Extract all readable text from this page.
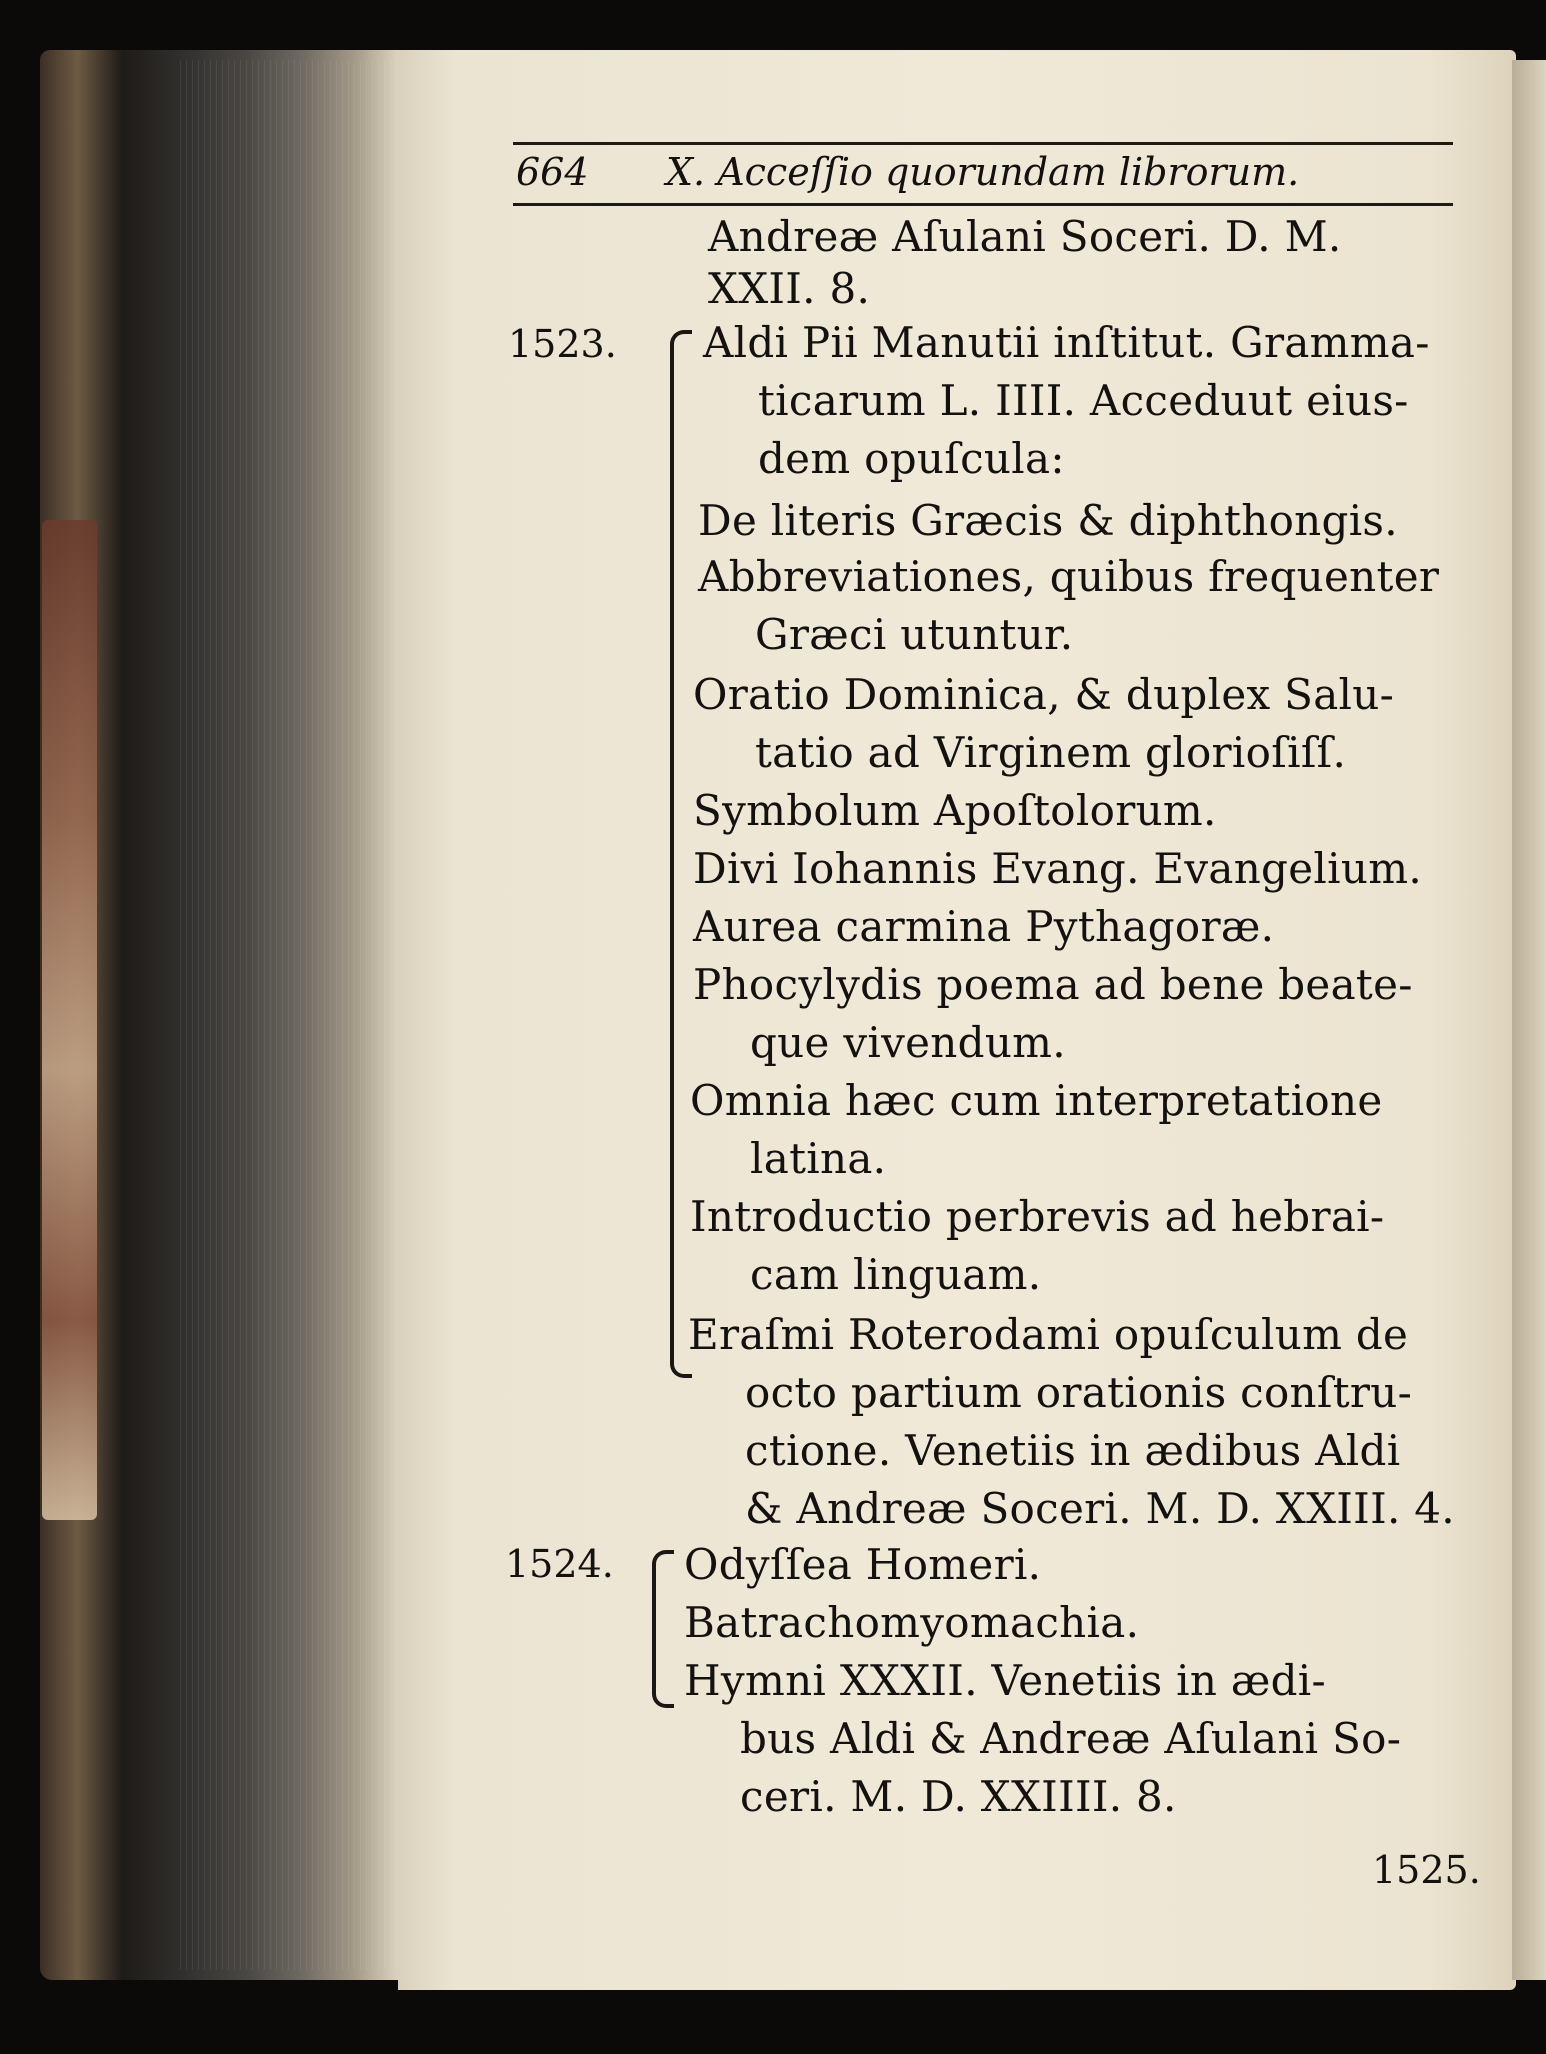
664 X. Acceſſio quorundam librorum.
Andreæ Aſulani Soceri. D. M.
XXII. 8.
1523. Aldi Pii Manutii inſtitut. Gramma-
ticarum L. IIII. Acceduut eius-
dem opuſcula:
De literis Græcis & diphthongis.
Abbreviationes, quibus frequenter
Græci utuntur.
Oratio Dominica, & duplex Salu-
tatio ad Virginem glorioſiſſ.
Symbolum Apoſtolorum.
Divi Iohannis Evang. Evangelium.
Aurea carmina Pythagoræ.
Phocylydis poema ad bene beate-
que vivendum.
Omnia hæc cum interpretatione
latina.
Introductio perbrevis ad hebrai-
cam linguam.
Eraſmi Roterodami opuſculum de
octo partium orationis conſtru-
ctione. Venetiis in ædibus Aldi
& Andreæ Soceri. M. D. XXIII. 4.
1524. Odyſſea Homeri.
Batrachomyomachia.
Hymni XXXII. Venetiis in ædi-
bus Aldi & Andreæ Aſulani So-
ceri. M. D. XXIIII. 8.
1525.
